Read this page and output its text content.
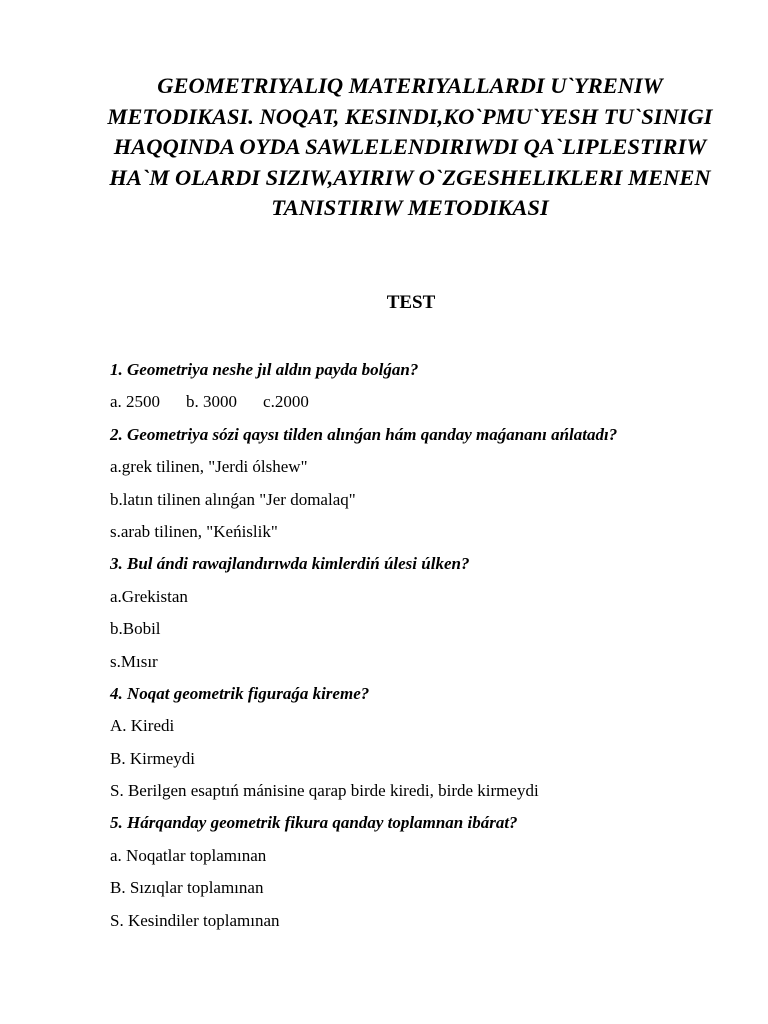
GEOMETRIYALIQ MATERIYALLARDI U`YRENIW METODIKASI. NOQAT, KESINDI,KO`PMU`YESH TU`SINIGI HAQQINDA OYDA SAWLELENDIRIWDI QA`LIPLESTIRIW HA`M OLARDI SIZIW,AYIRIW O`ZGESHELIKLERI MENEN TANISTIRIW METODIKASI
TEST
1. Geometriya neshe jıl aldın payda bolǵan?
a. 2500 b. 3000 c.2000
2. Geometriya sózi qaysı tilden alınǵan hám qanday maǵananı ańlatadı?
a.grek tilinen, "Jerdi ólshew"
b.latın tilinen alınǵan "Jer domalaq"
s.arab tilinen, "Keńislik"
3. Bul ándi rawajlandırıwda kimlerdiń úlesi úlken?
a.Grekistan
b.Bobil
s.Mısır
4. Noqat geometrik figuraǵa kireme?
A. Kiredi
B. Kirmeydi
S. Berilgen esaptıń mánisine qarap birde kiredi, birde kirmeydi
5. Hárqanday geometrik fikura qanday toplamnan ibárat?
a. Noqatlar toplamınan
B. Sızıqlar toplamınan
S. Kesindiler toplamınan
